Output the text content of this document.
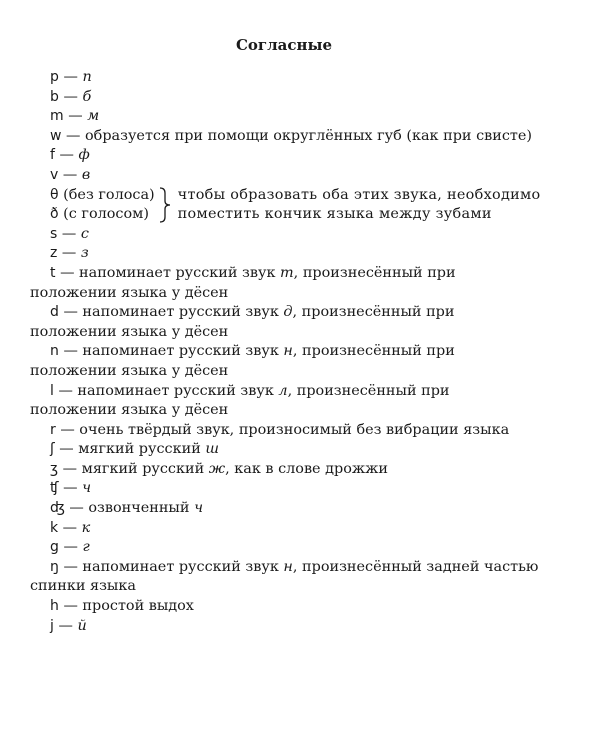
Согласные
p — п
b — б
m — м
w — образуется при помощи округлённых губ (как при свисте)
f — ф
v — в
θ (без голоса)
ð (с голосом)
чтобы образовать оба этих звука, необходимо
поместить кончик языка между зубами
s — с
z — з
t — напоминает русский звук т, произнесённый при положении языка у дёсен
d — напоминает русский звук д, произнесённый при положении языка у дёсен
n — напоминает русский звук н, произнесённый при положении языка у дёсен
l — напоминает русский звук л, произнесённый при положении языка у дёсен
r — очень твёрдый звук, произносимый без вибрации языка
ʃ — мягкий русский ш
ʒ — мягкий русский ж, как в слове дрожжи
ʧ — ч
ʤ — озвонченный ч
k — к
g — г
ŋ — напоминает русский звук н, произнесённый задней частью спинки языка
h — простой выдох
j — й
